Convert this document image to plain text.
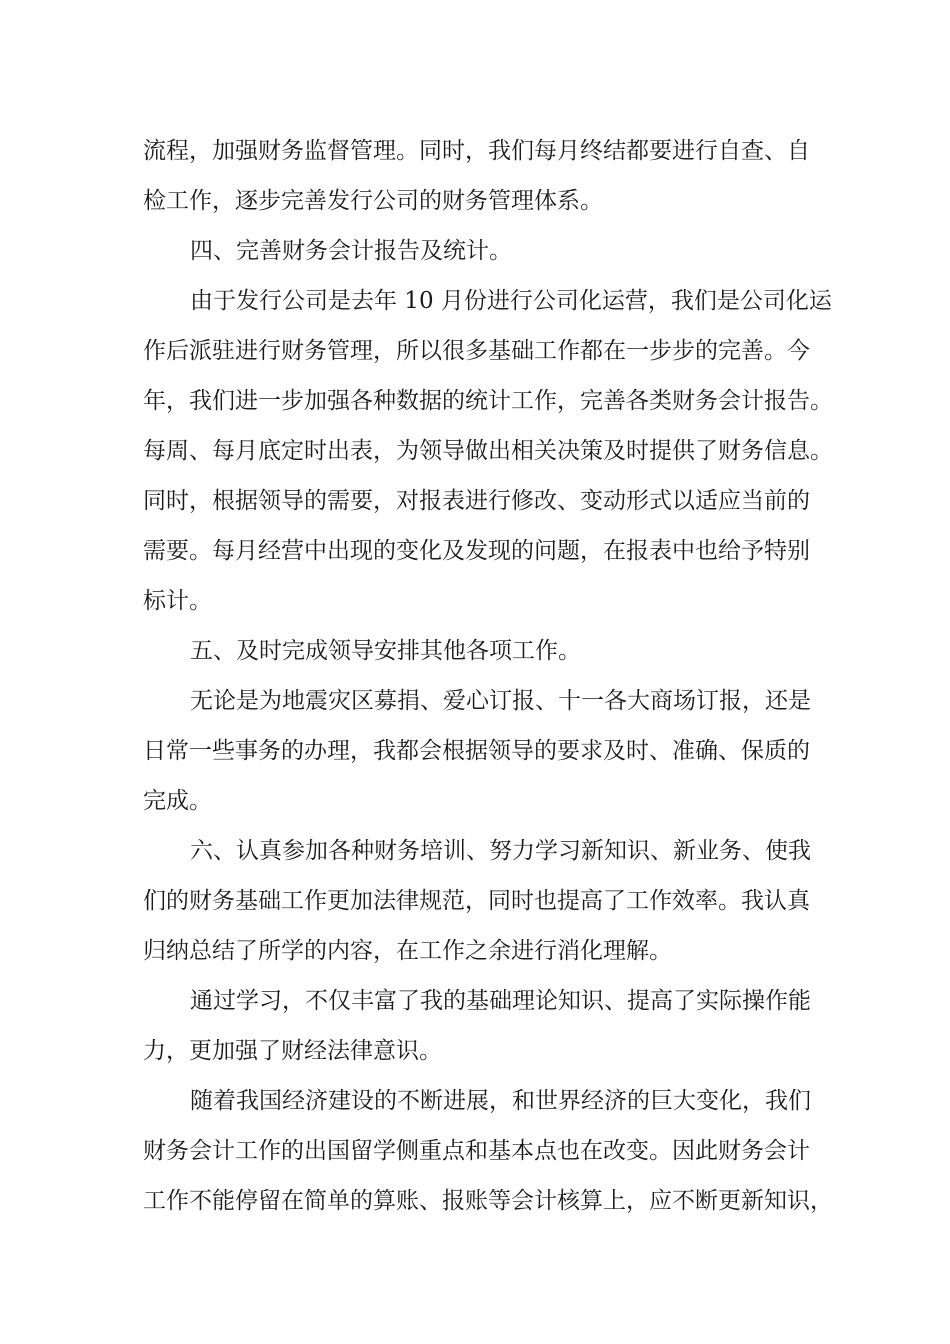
流程，加强财务监督管理。同时，我们每月终结都要进行自查、自
检工作，逐步完善发行公司的财务管理体系。
四、完善财务会计报告及统计。
由于发行公司是去年 10 月份进行公司化运营，我们是公司化运
作后派驻进行财务管理，所以很多基础工作都在一步步的完善。今
年，我们进一步加强各种数据的统计工作，完善各类财务会计报告。
每周、每月底定时出表，为领导做出相关决策及时提供了财务信息。
同时，根据领导的需要，对报表进行修改、变动形式以适应当前的
需要。每月经营中出现的变化及发现的问题，在报表中也给予特别
标计。
五、及时完成领导安排其他各项工作。
无论是为地震灾区募捐、爱心订报、十一各大商场订报，还是
日常一些事务的办理，我都会根据领导的要求及时、准确、保质的
完成。
六、认真参加各种财务培训、努力学习新知识、新业务、使我
们的财务基础工作更加法律规范，同时也提高了工作效率。我认真
归纳总结了所学的内容，在工作之余进行消化理解。
通过学习，不仅丰富了我的基础理论知识、提高了实际操作能
力，更加强了财经法律意识。
随着我国经济建设的不断进展，和世界经济的巨大变化，我们
财务会计工作的出国留学侧重点和基本点也在改变。因此财务会计
工作不能停留在简单的算账、报账等会计核算上，应不断更新知识，
